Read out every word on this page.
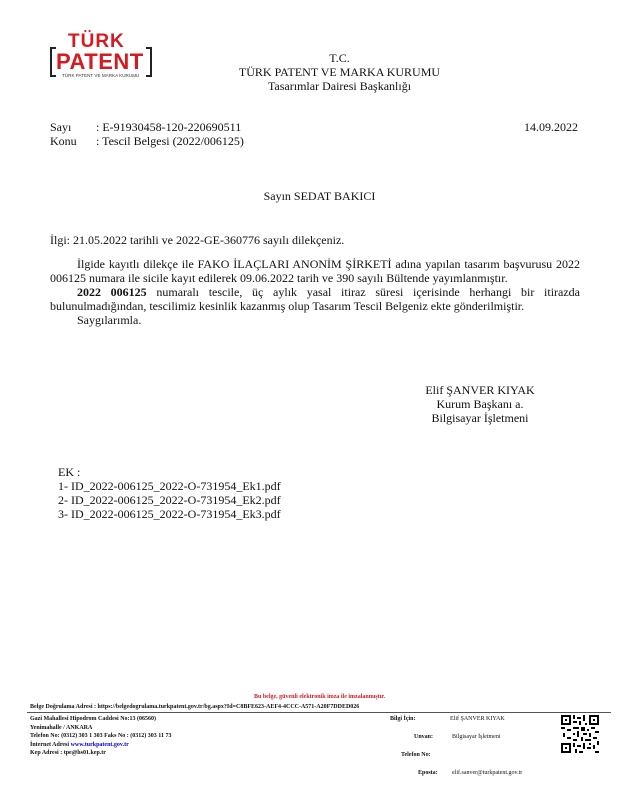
TÜRK
PATENT
TÜRK PATENT VE MARKA KURUMU
T.C.
TÜRK PATENT VE MARKA KURUMU
Tasarımlar Dairesi Başkanlığı
Sayı	: E-91930458-120-220690511
Konu	: Tescil Belgesi (2022/006125)
14.09.2022
Sayın SEDAT BAKICI
İlgi: 21.05.2022 tarihli ve 2022-GE-360776 sayılı dilekçeniz.
İlgide kayıtlı dilekçe ile FAKO İLAÇLARI ANONİM ŞİRKETİ adına yapılan tasarım başvurusu 2022 006125 numara ile sicile kayıt edilerek 09.06.2022 tarih ve 390 sayılı Bültende yayımlanmıştır.
2022 006125 numaralı tescile, üç aylık yasal itiraz süresi içerisinde herhangi bir itirazda bulunulmadığından, tescilimiz kesinlik kazanmış olup Tasarım Tescil Belgeniz ekte gönderilmiştir.
Saygılarımla.
Elif ŞANVER KIYAK
Kurum Başkanı a.
Bilgisayar İşletmeni
EK :
1- ID_2022-006125_2022-O-731954_Ek1.pdf
2- ID_2022-006125_2022-O-731954_Ek2.pdf
3- ID_2022-006125_2022-O-731954_Ek3.pdf
Bu belge, güvenli elektronik imza ile imzalanmıştır.
Belge Doğrulama Adresi : https://belgedogrulama.turkpatent.gov.tr/bg.aspx?Id=C8BFE623-AEF4-4CCC-A571-A20F7DDED026
Gazi Mahallesi Hipodrom Caddesi No:13 (06560)
Yenimahalle / ANKARA
Telefon No: (0312) 303 1 303 Faks No : (0312) 303 11 73
İnternet Adresi www.turkpatent.gov.tr
Kep Adresi : tpe@hs01.kep.tr
Bilgi İçin:	Elif ŞANVER KIYAK
Unvan:	Bilgisayar İşletmeni
Telefon No:
Eposta: elif.sanver@turkpatent.gov.tr
